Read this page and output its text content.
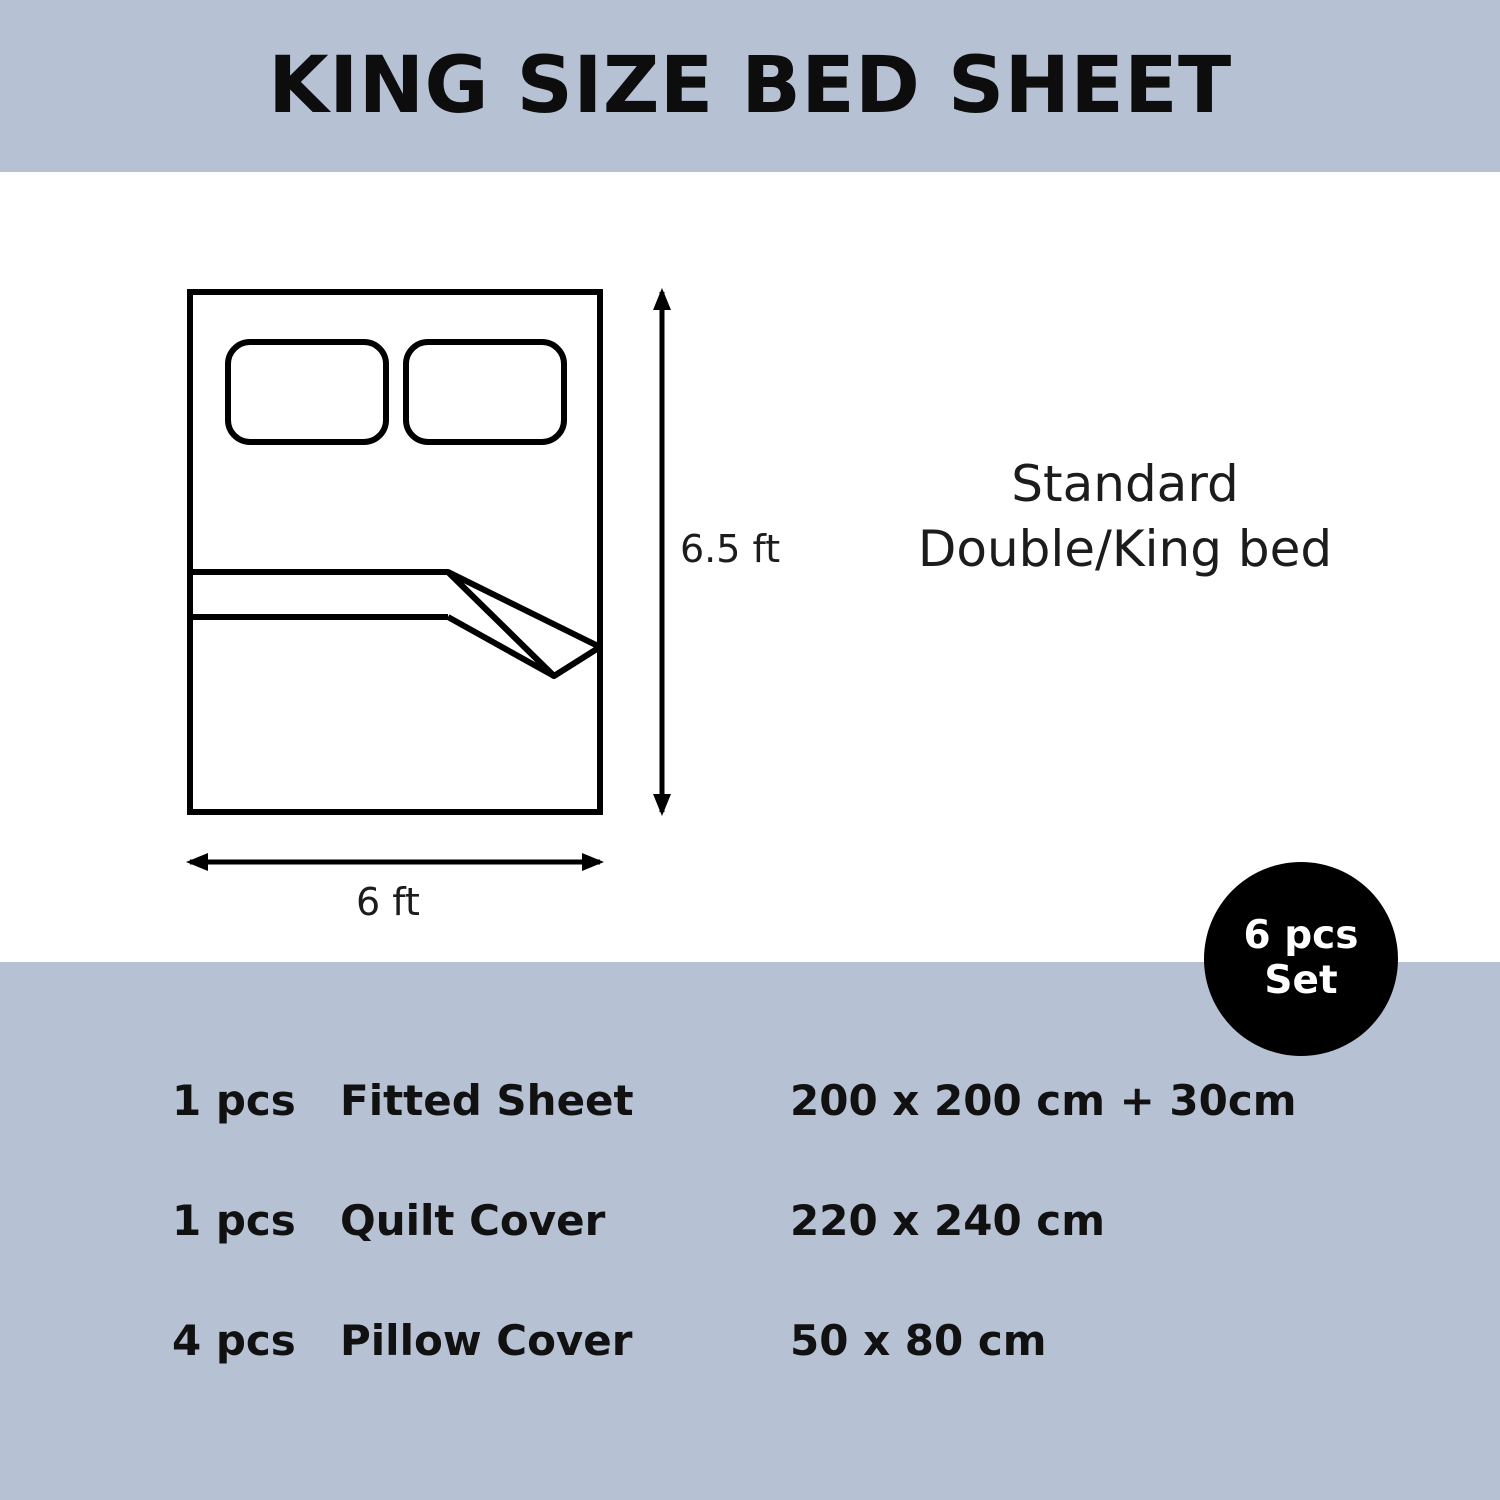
KING SIZE BED SHEET
6.5 ft
6 ft
Standard
Double/King bed
6 pcs
Set
1 pcs	Fitted Sheet	200 x 200 cm + 30cm
1 pcs	Quilt Cover	220 x 240 cm
4 pcs	Pillow Cover	50 x 80 cm
